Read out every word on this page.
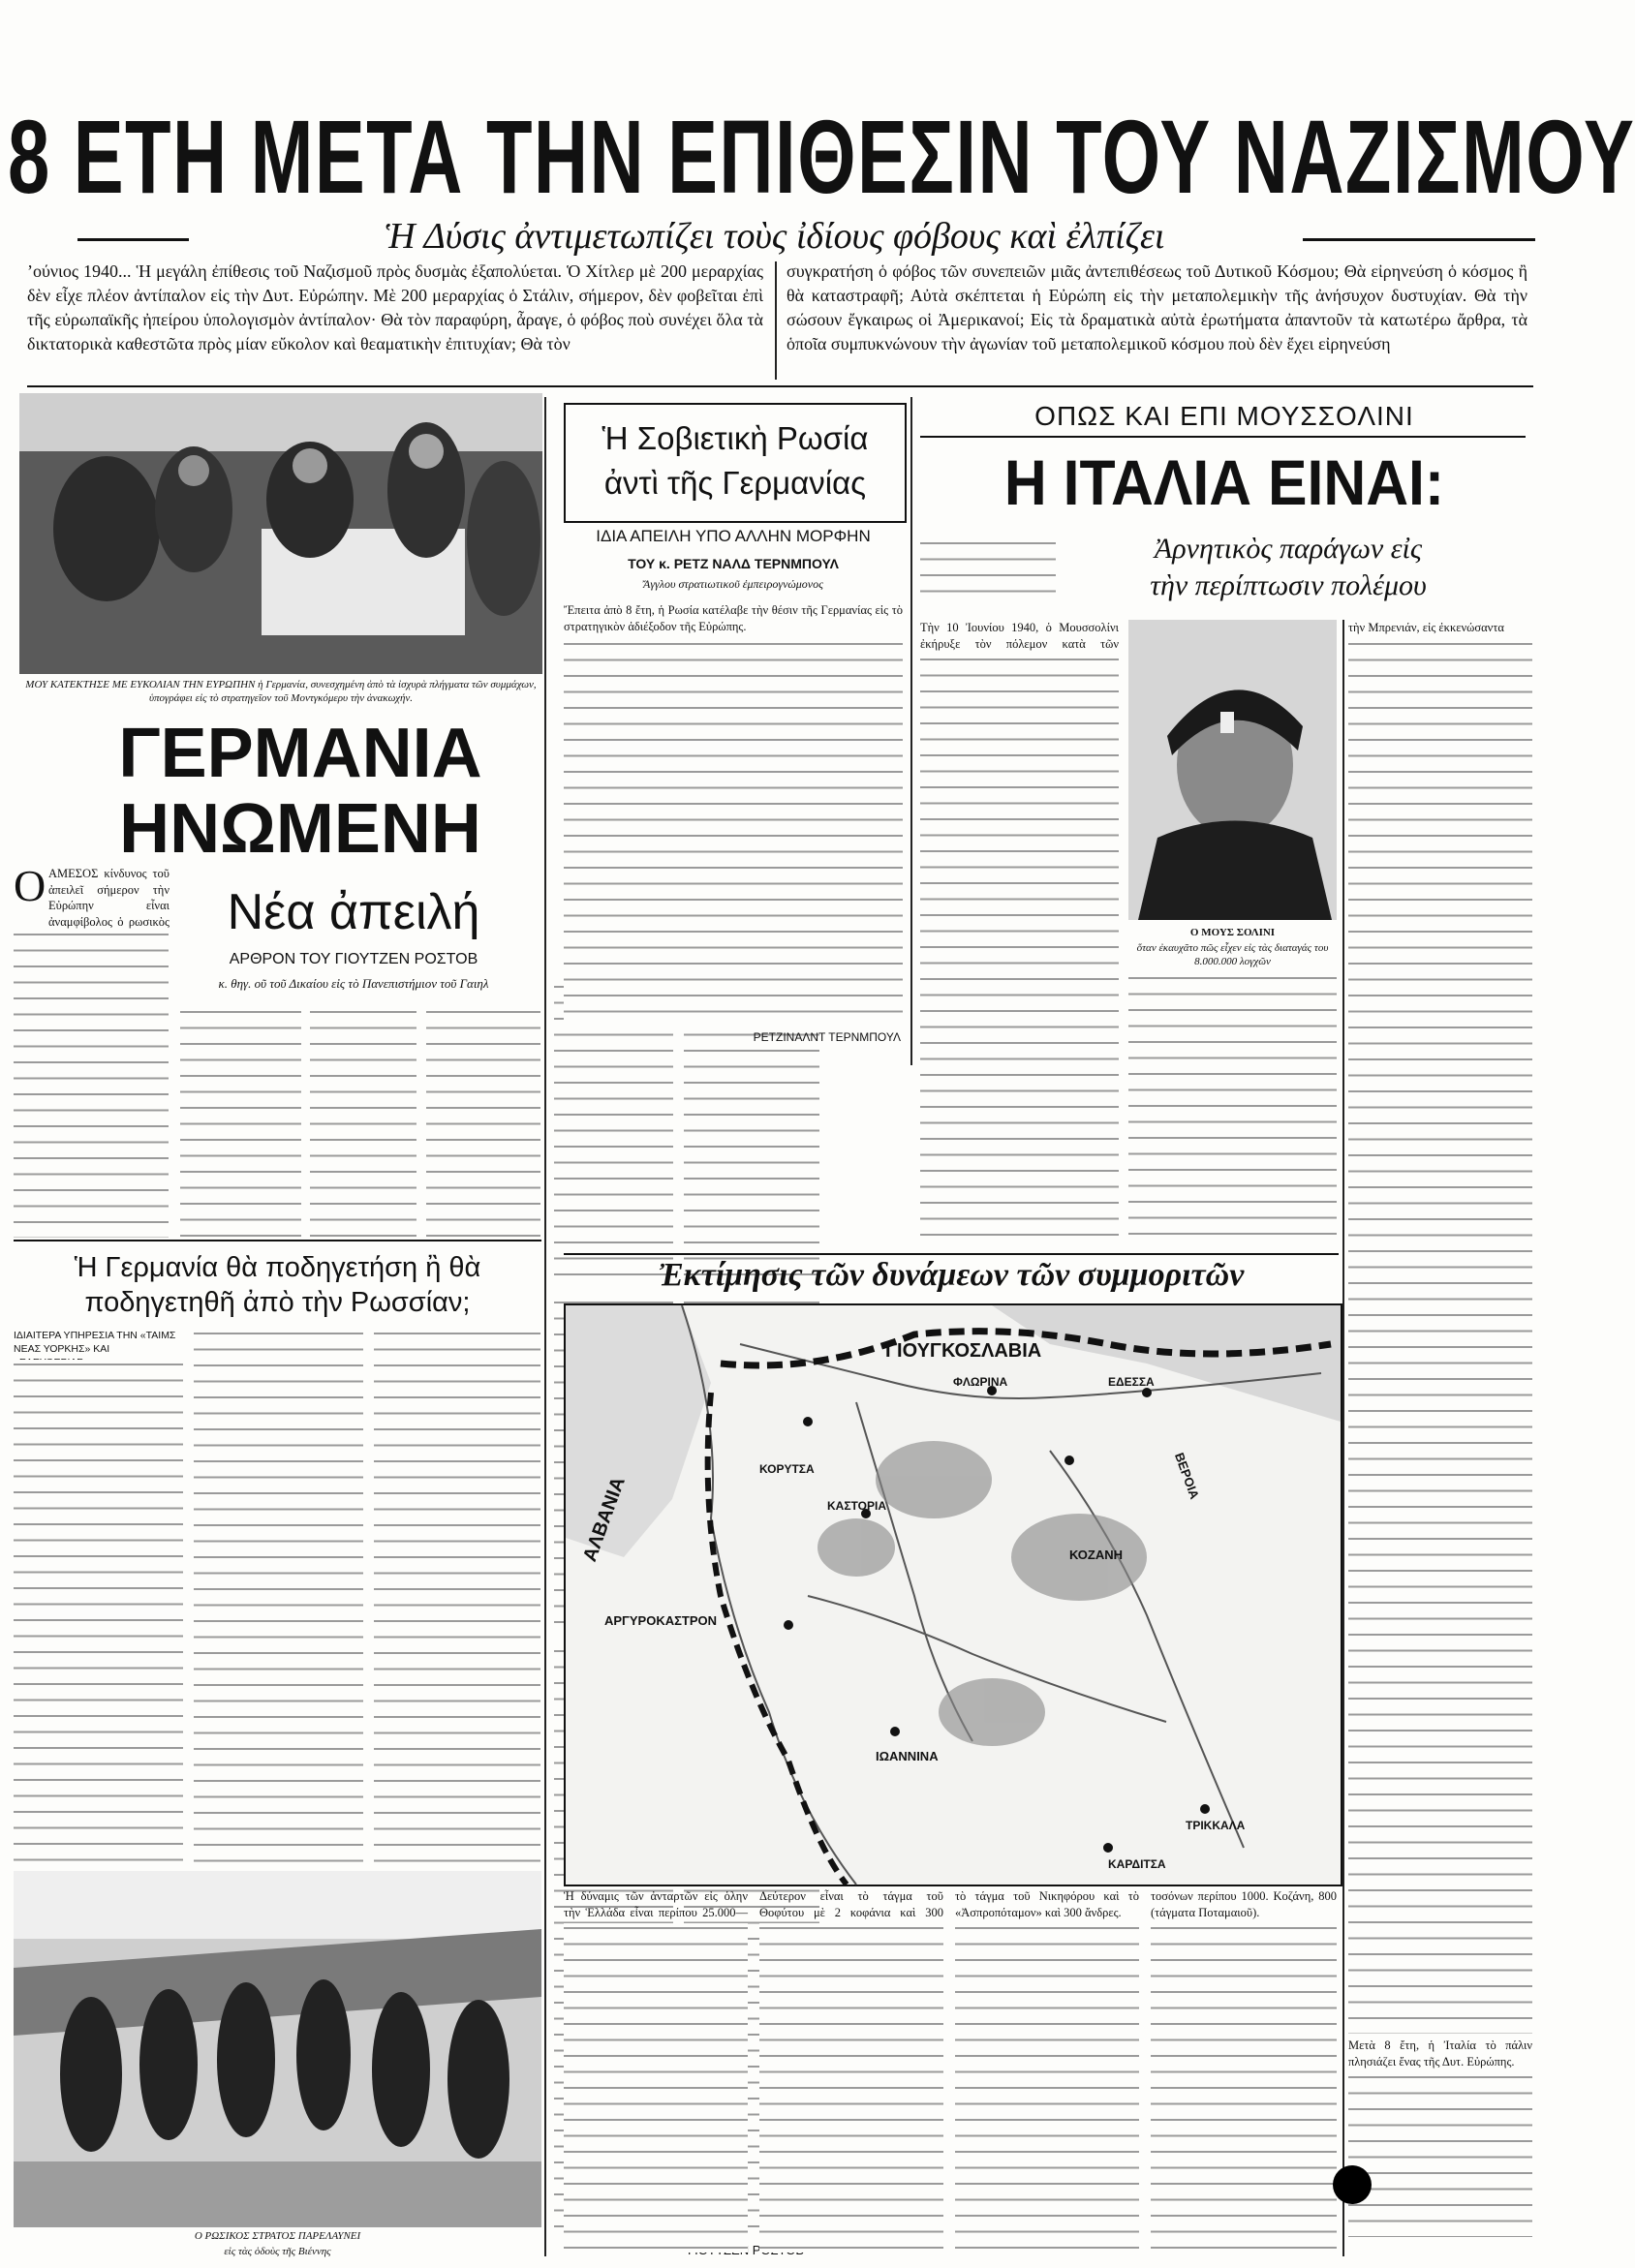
8 ΕΤΗ ΜΕΤΑ ΤΗΝ ΕΠΙΘΕΣΙΝ ΤΟΥ ΝΑΖΙΣΜΟΥ
Ἡ Δύσις ἀντιμετωπίζει τοὺς ἰδίους φόβους καὶ ἐλπίζει
’ούνιος 1940... Ἡ μεγάλη ἐπίθεσις τοῦ Ναζισμοῦ πρὸς δυσμὰς ἐξαπολύεται. Ὁ Χίτλερ μὲ 200 μεραρχίας δὲν εἶχε πλέον ἀντίπαλον εἰς τὴν Δυτ. Εὐρώπην. Μὲ 200 μεραρχίας ὁ Στάλιν, σήμερον, δὲν φοβεῖται ἐπὶ τῆς εὐρωπαϊκῆς ἠπείρου ὑπολογισμὸν ἀντίπαλον· Θὰ τὸν παραφύρη, ἆραγε, ὁ φόβος ποὺ συνέχει ὅλα τὰ δικτατορικὰ καθεστῶτα πρὸς μίαν εὔκολον καὶ θεαματικὴν ἐπιτυχίαν; Θὰ τὸν
συγκρατήση ὁ φόβος τῶν συνεπειῶν μιᾶς ἀντεπιθέσεως τοῦ Δυτικοῦ Κόσμου; Θὰ εἰρηνεύση ὁ κόσμος ἢ θὰ καταστραφῆ; Αὐτὰ σκέπτεται ἡ Εὐρώπη εἰς τὴν μεταπολεμικὴν τῆς ἀνήσυχον δυστυχίαν. Θὰ τὴν σώσουν ἔγκαιρως οἱ Ἀμερικανοί; Εἰς τὰ δραματικὰ αὐτὰ ἐρωτήματα ἀπαντοῦν τὰ κατωτέρω ἄρθρα, τὰ ὁποῖα συμπυκνώνουν τὴν ἀγωνίαν τοῦ μεταπολεμικοῦ κόσμου ποὺ δὲν ἔχει εἰρηνεύση
ΜΟΥ ΚΑΤΕΚΤΗΣΕ ΜΕ ΕΥΚΟΛΙΑΝ ΤΗΝ ΕΥΡΩΠΗΝ ἡ Γερμανία, συνεσχημένη ἀπὸ τὰ ἰσχυρὰ πλήγματα τῶν συμμάχων, ὑπογράφει εἰς τὸ στρατηγεῖον τοῦ Μοντγκόμερυ τὴν ἀνακωχήν.
ΓΕΡΜΑΝΙΑ
ΗΝΩΜΕΝΗ
Νέα ἀπειλή
ΑΡΘΡΟΝ ΤΟΥ ΓΙΟΥΤΖΕΝ ΡΟΣΤΟΒ
κ. θηγ. οῦ τοῦ Δικαίου εἰς τὸ Πανεπιστήμιον τοῦ Γαιηλ
Ο ΑΜΕΣΟΣ κίνδυνος τοῦ ἀπειλεῖ σήμερον τὴν Εὐρώπην εἶναι ἀναμφίβολος ὁ ρωσικὸς
Ἡ Γερμανία θὰ ποδηγετήση ἢ θὰ
ποδηγετηθῆ ἀπὸ τὴν Ρωσσίαν;
ΙΔΙΑΙΤΕΡΑ ΥΠΗΡΕΣΙΑ ΤΗΝ «ΤΑΙΜΣ ΝΕΑΣ ΥΟΡΚΗΣ» ΚΑΙ
Ο ΡΩΣΙΚΟΣ ΣΤΡΑΤΟΣ ΠΑΡΕΛΑΥΝΕΙ
εἰς τὰς ὁδοὺς τῆς Βιέννης
Ἡ Σοβιετικὴ Ρωσία
ἀντὶ τῆς Γερμανίας
ΙΔΙΑ ΑΠΕΙΛΗ ΥΠΟ ΑΛΛΗΝ ΜΟΡΦΗΝ
ΤΟΥ κ. ΡΕΤΖ ΝΑΛΔ ΤΕΡΝΜΠΟΥΛ
Ἄγγλου στρατιωτικοῦ ἐμπειρογνώμονος
Ἔπειτα ἀπὸ 8 ἔτη, ἡ Ρωσία κατέλαβε τὴν θέσιν τῆς Γερμανίας εἰς τὸ στρατηγικὸν ἀδιέξοδον τῆς Εὐρώπης.
ΡΕΤΖΙΝΑΛΝΤ ΤΕΡΝΜΠΟΥΛ
ΟΠΩΣ ΚΑΙ ΕΠΙ ΜΟΥΣΣΟΛΙΝΙ
Η ΙΤΑΛΙΑ ΕΙΝΑΙ:
Ἀρνητικὸς παράγων εἰς
τὴν περίπτωσιν πολέμου
Τὴν 10 Ἰουνίου 1940, ὁ Μουσσολίνι ἐκήρυξε τὸν πόλεμον κατὰ τῶν
Ο ΜΟΥΣ ΣΟΛΙΝΙ
ὅταν ἐκαυχᾶτο πῶς εἶχεν εἰς τὰς διαταγάς του 8.000.000 λογχῶν
τὴν Μπρενιάν, εἰς ἐκκενώσαντα
Μετὰ 8 ἔτη, ἡ Ἰταλία τὸ πάλιν πλησιάζει ἔνας τῆς Δυτ. Εὐρώπης.
Ἐκτίμησις τῶν δυνάμεων τῶν συμμοριτῶν
ΓΙΟΥΓΚΟΣΛΑΒΙΑ
ΑΛΒΑΝΙΑ
ΚΟΡΥΤΣΑ
ΦΛΩΡΙΝΑ	ΕΔΕΣΣΑ
ΚΑΣΤΟΡΙΑ
ΚΟΖΑΝΗ
ΑΡΓΥΡΟΚΑΣΤΡΟΝ
ΙΩΑΝΝΙΝΑ
ΤΡΙΚΚΑΛΑ
ΚΑΡΔΙΤΣΑ
ΒΕΡΟΙΑ
Ἡ δύναμις τῶν ἀνταρτῶν εἰς ὁλην τὴν Ἑλλάδα εἶναι περίπου 25.000—
Δεύτερον εἶναι τὸ τάγμα τοῦ Θοφύτου μὲ 2 κοφάνια καὶ 300
τὸ τάγμα τοῦ Νικηφόρου καὶ τὸ «Ἀσπροπόταμον» καὶ 300 ἄνδρες.
τοσόνων περίπου 1000. Κοζάνη, 800 (τάγματα Ποταμαιοῦ).
